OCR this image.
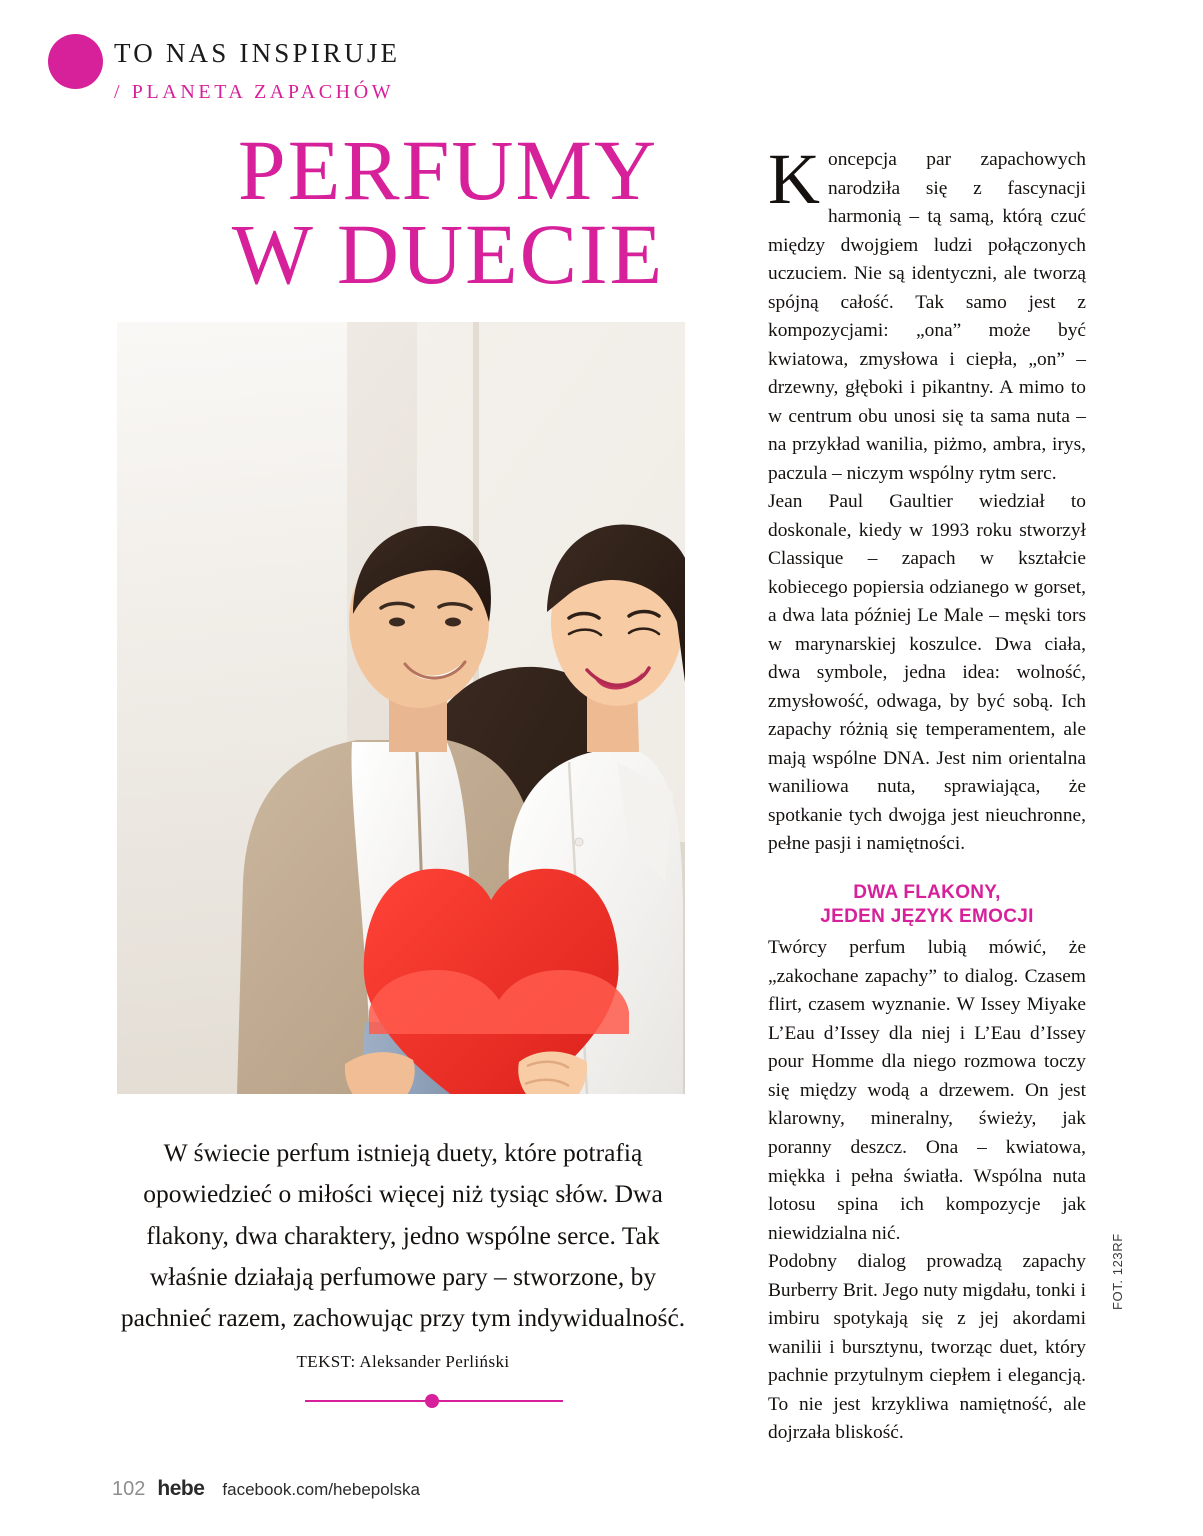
TO NAS INSPIRUJE
/ PLANETA ZAPACHÓW
PERFUMY
W DUECIE
W świecie perfum istnieją duety, które potrafią opowiedzieć o miłości więcej niż tysiąc słów. Dwa flakony, dwa charaktery, jedno wspólne serce. Tak właśnie działają perfumowe pary – stworzone, by pachnieć razem, zachowując przy tym indywidualność. TEKST: Aleksander Perliński

Koncepcja par zapachowych narodziła się z fascynacji harmonią – tą samą, którą czuć między dwojgiem ludzi połączonych uczuciem. Nie są identyczni, ale tworzą spójną całość. Tak samo jest z kompozycjami: „ona” może być kwiatowa, zmysłowa i ciepła, „on” – drzewny, głęboki i pikantny. A mimo to w centrum obu unosi się ta sama nuta – na przykład wanilia, piżmo, ambra, irys, paczula – niczym wspólny rytm serc.

Jean Paul Gaultier wiedział to doskonale, kiedy w 1993 roku stworzył Classique – zapach w kształcie kobiecego popiersia odzianego w gorset, a dwa lata później Le Male – męski tors w marynarskiej koszulce. Dwa ciała, dwa symbole, jedna idea: wolność, zmysłowość, odwaga, by być sobą. Ich zapachy różnią się temperamentem, ale mają wspólne DNA. Jest nim orientalna waniliowa nuta, sprawiająca, że spotkanie tych dwojga jest nieuchronne, pełne pasji i namiętności.

DWA FLAKONY,
JEDEN JĘZYK EMOCJI

Twórcy perfum lubią mówić, że „zakochane zapachy” to dialog. Czasem flirt, czasem wyznanie. W Issey Miyake L’Eau d’Issey dla niej i L’Eau d’Issey pour Homme dla niego rozmowa toczy się między wodą a drzewem. On jest klarowny, mineralny, świeży, jak poranny deszcz. Ona – kwiatowa, miękka i pełna światła. Wspólna nuta lotosu spina ich kompozycje jak niewidzialna nić.

Podobny dialog prowadzą zapachy Burberry Brit. Jego nuty migdału, tonki i imbiru spotykają się z jej akordami wanilii i bursztynu, tworząc duet, który pachnie przytulnym ciepłem i elegancją. To nie jest krzykliwa namiętność, ale dojrzała bliskość.

FOT. 123RF
102 hebe facebook.com/hebepolska
